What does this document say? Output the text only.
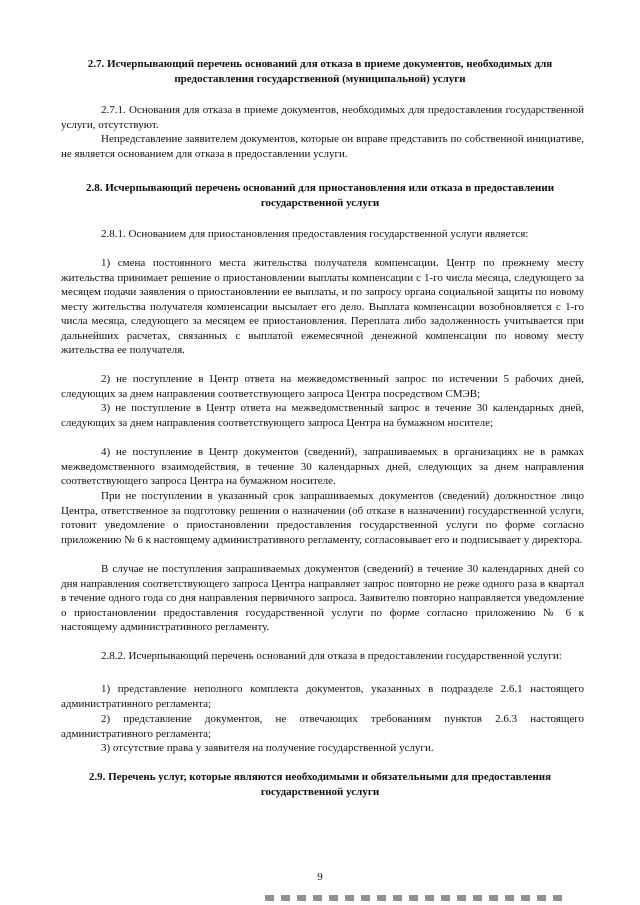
2.7. Исчерпывающий перечень оснований для отказа в приеме документов, необходимых для предоставления государственной (муниципальной) услуги
2.7.1. Основания для отказа в приеме документов, необходимых для предоставления государственной услуги, отсутствуют.
Непредставление заявителем документов, которые он вправе представить по собственной инициативе, не является основанием для отказа в предоставлении услуги.
2.8. Исчерпывающий перечень оснований для приостановления или отказа в предоставлении государственной услуги
2.8.1. Основанием для приостановления предоставления государственной услуги является:
1) смена постоянного места жительства получателя компенсации. Центр по прежнему месту жительства принимает решение о приостановлении выплаты компенсации с 1-го числа месяца, следующего за месяцем подачи заявления о приостановлении ее выплаты, и по запросу органа социальной защиты по новому месту жительства получателя компенсации высылает его дело. Выплата компенсации возобновляется с 1-го числа месяца, следующего за месяцем ее приостановления. Переплата либо задолженность учитывается при дальнейших расчетах, связанных с выплатой ежемесячной денежной компенсации по новому месту жительства ее получателя.
2) не поступление в Центр ответа на межведомственный запрос по истечении 5 рабочих дней, следующих за днем направления соответствующего запроса Центра посредством СМЭВ;
3) не поступление в Центр ответа на межведомственный запрос в течение 30 календарных дней, следующих за днем направления соответствующего запроса Центра на бумажном носителе;
4) не поступление в Центр документов (сведений), запрашиваемых в организациях не в рамках межведомственного взаимодействия, в течение 30 календарных дней, следующих за днем направления соответствующего запроса Центра на бумажном носителе.
При не поступлении в указанный срок запрашиваемых документов (сведений) должностное лицо Центра, ответственное за подготовку решения о назначении (об отказе в назначении) государственной услуги, готовит уведомление о приостановлении предоставления государственной услуги по форме согласно приложению № 6 к настоящему административного регламенту, согласовывает его и подписывает у директора.
В случае не поступления запрашиваемых документов (сведений) в течение 30 календарных дней со дня направления соответствующего запроса Центра направляет запрос повторно не реже одного раза в квартал в течение одного года со дня направления первичного запроса. Заявителю повторно направляется уведомление о приостановлении предоставления государственной услуги по форме согласно приложению № 6 к настоящему административного регламенту.
2.8.2. Исчерпывающий перечень оснований для отказа в предоставлении государственной услуги:
1) представление неполного комплекта документов, указанных в подразделе 2.6.1 настоящего административного регламента;
2) представление документов, не отвечающих требованиям пунктов 2.6.3 настоящего административного регламента;
3) отсутствие права у заявителя на получение государственной услуги.
2.9. Перечень услуг, которые являются необходимыми и обязательными для предоставления государственной услуги
9
